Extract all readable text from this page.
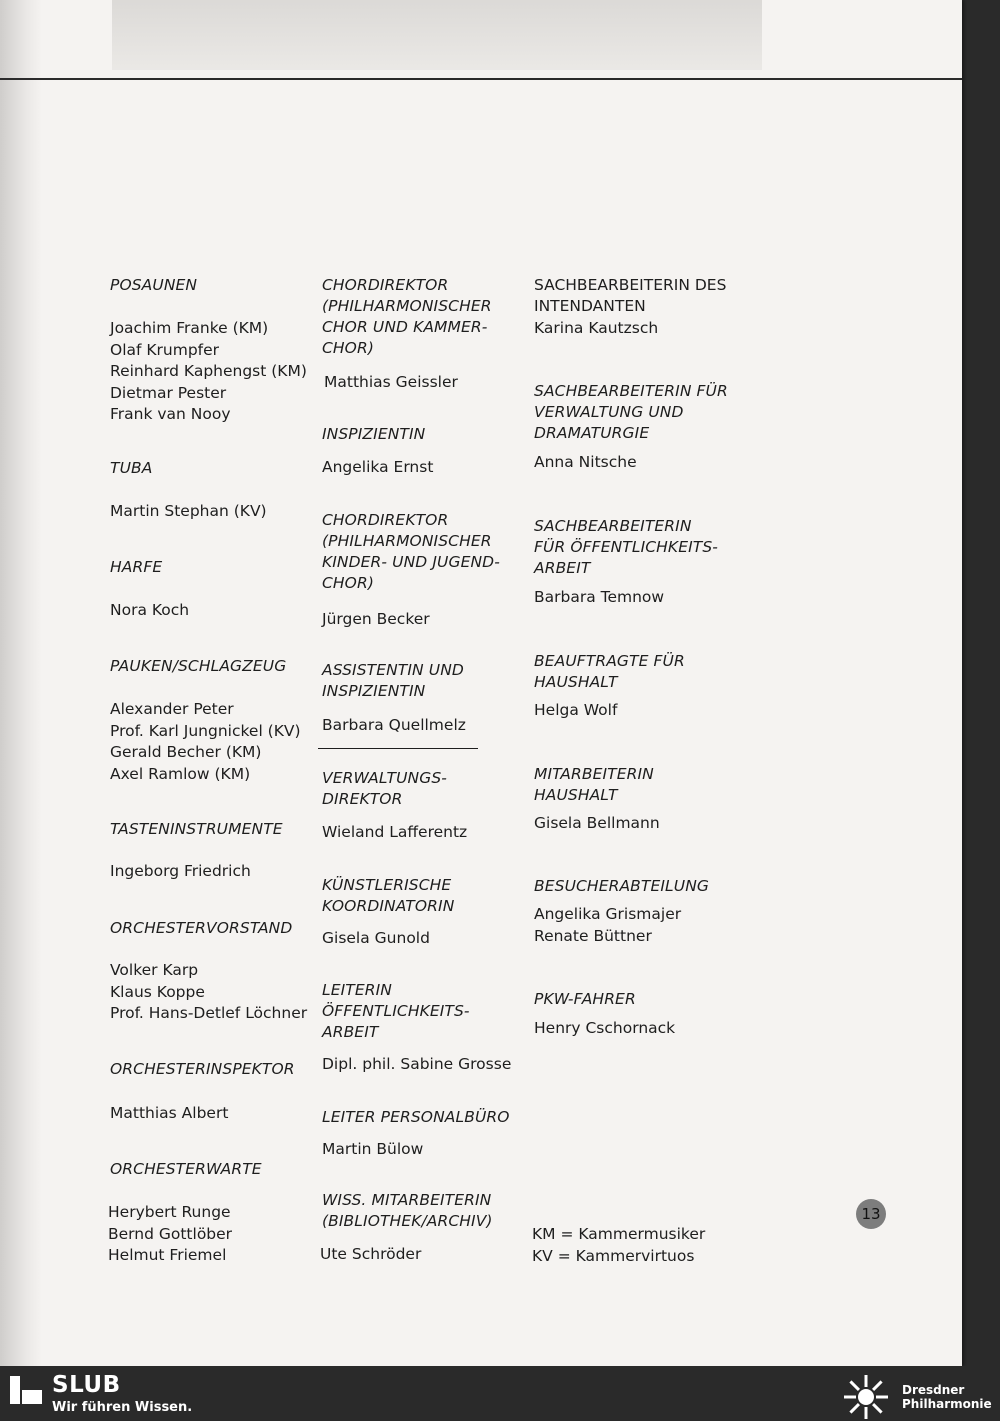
POSAUNEN
Joachim Franke (KM)
Olaf Krumpfer
Reinhard Kaphengst (KM)
Dietmar Pester
Frank van Nooy
TUBA
Martin Stephan (KV)
HARFE
Nora Koch
PAUKEN/SCHLAGZEUG
Alexander Peter
Prof. Karl Jungnickel (KV)
Gerald Becher (KM)
Axel Ramlow (KM)
TASTENINSTRUMENTE
Ingeborg Friedrich
ORCHESTERVORSTAND
Volker Karp
Klaus Koppe
Prof. Hans-Detlef Löchner
ORCHESTERINSPEKTOR
Matthias Albert
ORCHESTERWARTE
Herybert Runge
Bernd Gottlöber
Helmut Friemel
CHORDIREKTOR (PHILHARMONISCHER CHOR UND KAMMER-CHOR)
Matthias Geissler
INSPIZIENTIN
Angelika Ernst
CHORDIREKTOR (PHILHARMONISCHER KINDER- UND JUGEND-CHOR)
Jürgen Becker
ASSISTENTIN UND INSPIZIENTIN
Barbara Quellmelz
VERWALTUNGS-DIREKTOR
Wieland Lafferentz
KÜNSTLERISCHE KOORDINATORIN
Gisela Gunold
LEITERIN ÖFFENTLICHKEITS-ARBEIT
Dipl. phil. Sabine Grosse
LEITER PERSONALBÜRO
Martin Bülow
WISS. MITARBEITERIN (BIBLIOTHEK/ARCHIV)
Ute Schröder
SACHBEARBEITERIN DES INTENDANTEN
Karina Kautzsch
SACHBEARBEITERIN FÜR VERWALTUNG UND DRAMATURGIE
Anna Nitsche
SACHBEARBEITERIN FÜR ÖFFENTLICHKEITS-ARBEIT
Barbara Temnow
BEAUFTRAGTE FÜR HAUSHALT
Helga Wolf
MITARBEITERIN HAUSHALT
Gisela Bellmann
BESUCHERABTEILUNG
Angelika Grismajer
Renate Büttner
PKW-FAHRER
Henry Cschornack
KM = Kammermusiker
KV = Kammervirtuos
13
SLUB
Wir führen Wissen.
Dresdner
Philharmonie
